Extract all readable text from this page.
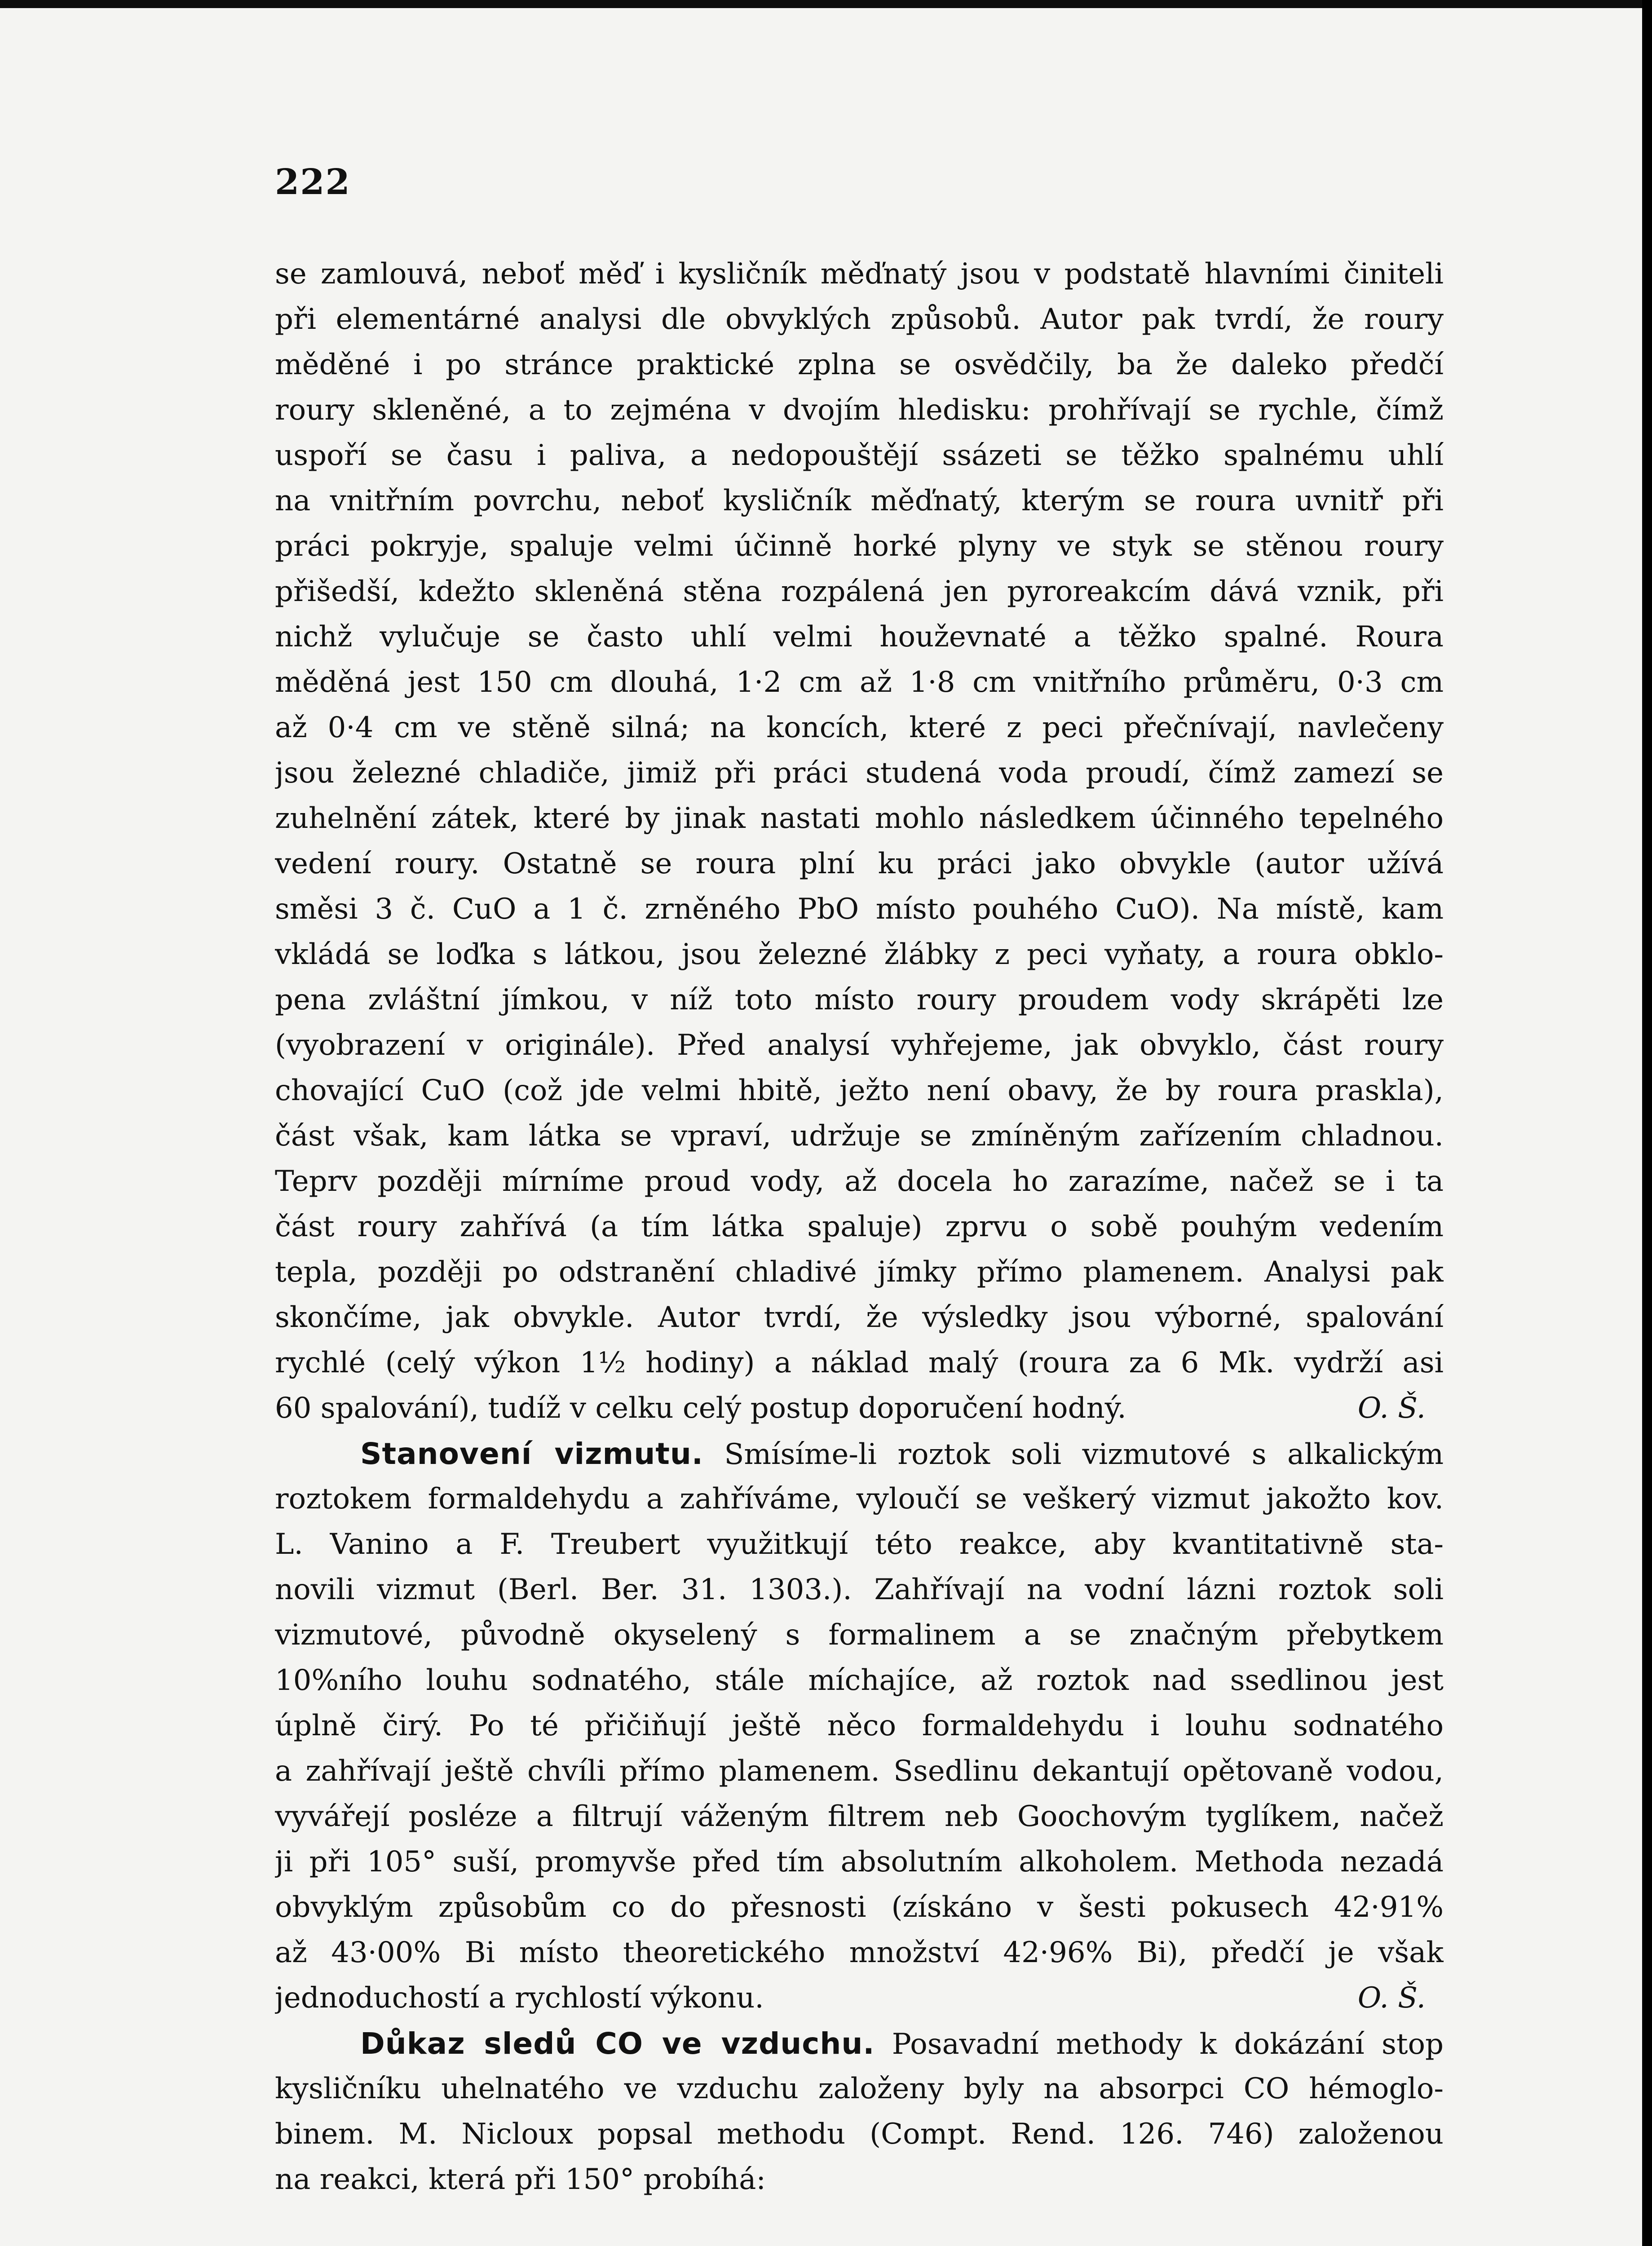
222
se zamlouvá, neboť měď i kysličník měďnatý jsou v podstatě hlavními činiteli
při elementárné analysi dle obvyklých způsobů. Autor pak tvrdí, že roury
měděné i po stránce praktické zplna se osvědčily, ba že daleko předčí
roury skleněné, a to zejména v dvojím hledisku: prohřívají se rychle, čímž
uspoří se času i paliva, a nedopouštějí ssázeti se těžko spalnému uhlí
na vnitřním povrchu, neboť kysličník měďnatý, kterým se roura uvnitř při
práci pokryje, spaluje velmi účinně horké plyny ve styk se stěnou roury
přišedší, kdežto skleněná stěna rozpálená jen pyroreakcím dává vznik, při
nichž vylučuje se často uhlí velmi houževnaté a těžko spalné. Roura
měděná jest 150 cm dlouhá, 1·2 cm až 1·8 cm vnitřního průměru, 0·3 cm
až 0·4 cm ve stěně silná; na koncích, které z peci přečnívají, navlečeny
jsou železné chladiče, jimiž při práci studená voda proudí, čímž zamezí se
zuhelnění zátek, které by jinak nastati mohlo následkem účinného tepelného
vedení roury. Ostatně se roura plní ku práci jako obvykle (autor užívá
směsi 3 č. CuO a 1 č. zrněného PbO místo pouhého CuO). Na místě, kam
vkládá se loďka s látkou, jsou železné žlábky z peci vyňaty, a roura obklo-
pena zvláštní jímkou, v níž toto místo roury proudem vody skrápěti lze
(vyobrazení v originále). Před analysí vyhřejeme, jak obvyklo, část roury
chovající CuO (což jde velmi hbitě, ježto není obavy, že by roura praskla),
část však, kam látka se vpraví, udržuje se zmíněným zařízením chladnou.
Teprv později mírníme proud vody, až docela ho zarazíme, načež se i ta
část roury zahřívá (a tím látka spaluje) zprvu o sobě pouhým vedením
tepla, později po odstranění chladivé jímky přímo plamenem. Analysi pak
skončíme, jak obvykle. Autor tvrdí, že výsledky jsou výborné, spalování
rychlé (celý výkon 1½ hodiny) a náklad malý (roura za 6 Mk. vydrží asi
60 spalování), tudíž v celku celý postup doporučení hodný.	O. Š.
Stanovení vizmutu. Smísíme-li roztok soli vizmutové s alkalickým
roztokem formaldehydu a zahříváme, vyloučí se veškerý vizmut jakožto kov.
L. Vanino a F. Treubert využitkují této reakce, aby kvantitativně sta-
novili vizmut (Berl. Ber. 31. 1303.). Zahřívají na vodní lázni roztok soli
vizmutové, původně okyselený s formalinem a se značným přebytkem
10%ního louhu sodnatého, stále míchajíce, až roztok nad ssedlinou jest
úplně čirý. Po té přičiňují ještě něco formaldehydu i louhu sodnatého
a zahřívají ještě chvíli přímo plamenem. Ssedlinu dekantují opětovaně vodou,
vyvářejí posléze a filtrují váženým filtrem neb Goochovým tyglíkem, načež
ji při 105° suší, promyvše před tím absolutním alkoholem. Methoda nezadá
obvyklým způsobům co do přesnosti (získáno v šesti pokusech 42·91%
až 43·00% Bi místo theoretického množství 42·96% Bi), předčí je však
jednoduchostí a rychlostí výkonu.	O. Š.
Důkaz sledů CO ve vzduchu. Posavadní methody k dokázání stop
kysličníku uhelnatého ve vzduchu založeny byly na absorpci CO hémoglo-
binem. M. Nicloux popsal methodu (Compt. Rend. 126. 746) založenou
na reakci, která při 150° probíhá:
